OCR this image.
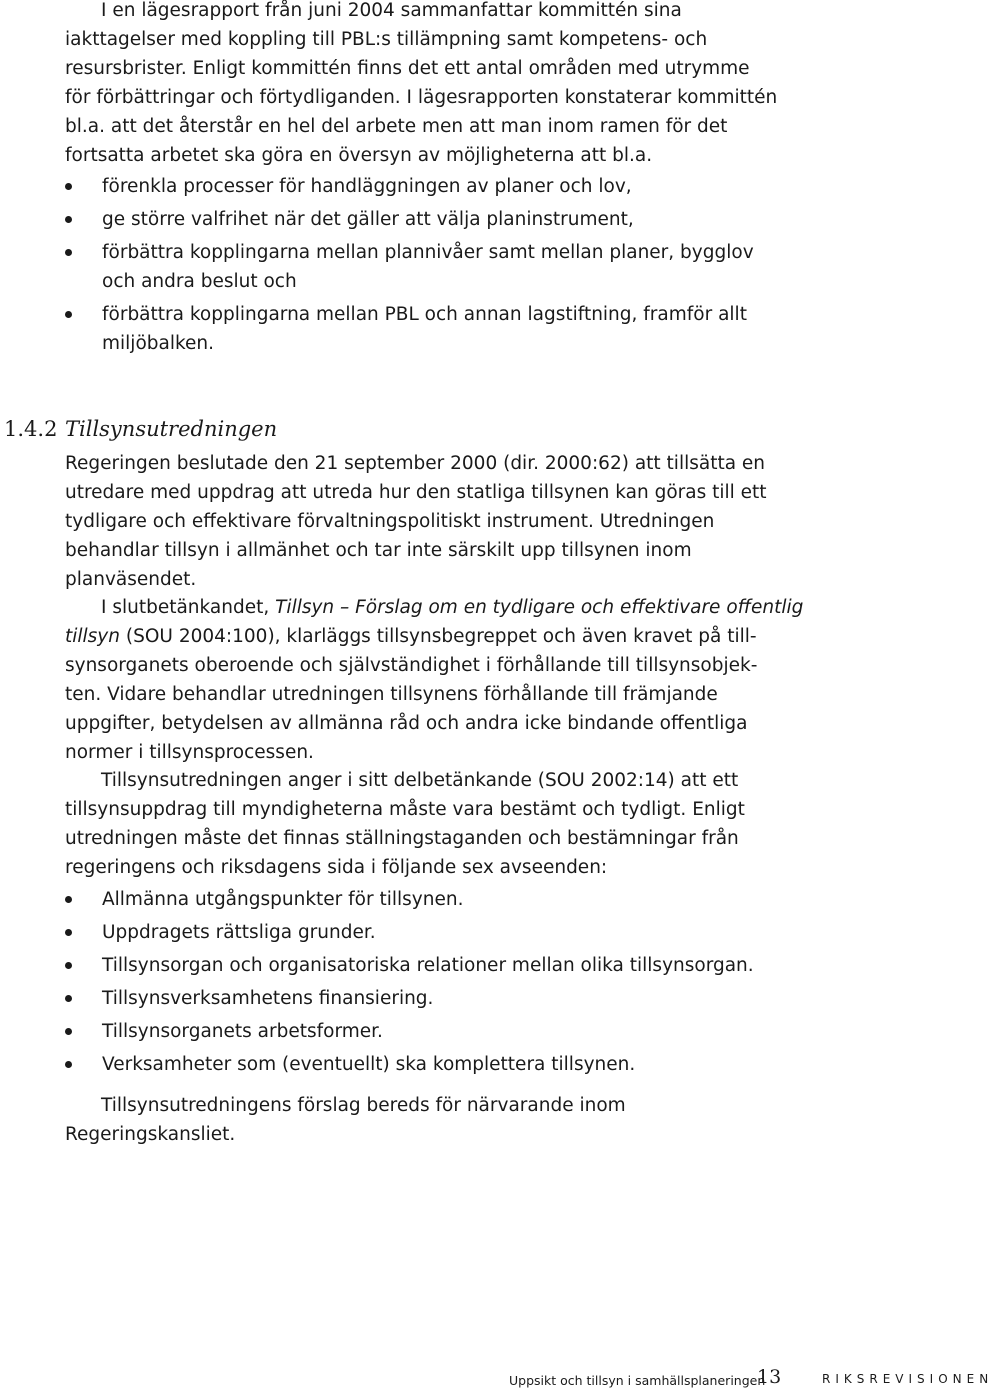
I en lägesrapport från juni 2004 sammanfattar kommittén sina
iakttagelser med koppling till PBL:s tillämpning samt kompetens- och
resursbrister. Enligt kommittén finns det ett antal områden med utrymme
för förbättringar och förtydliganden. I lägesrapporten konstaterar kommittén
bl.a. att det återstår en hel del arbete men att man inom ramen för det
fortsatta arbetet ska göra en översyn av möjligheterna att bl.a.
förenkla processer för handläggningen av planer och lov,
ge större valfrihet när det gäller att välja planinstrument,
förbättra kopplingarna mellan plannivåer samt mellan planer, bygglov
och andra beslut och
förbättra kopplingarna mellan PBL och annan lagstiftning, framför allt
miljöbalken.
1.4.2 Tillsynsutredningen
Regeringen beslutade den 21 september 2000 (dir. 2000:62) att tillsätta en
utredare med uppdrag att utreda hur den statliga tillsynen kan göras till ett
tydligare och effektivare förvaltningspolitiskt instrument. Utredningen
behandlar tillsyn i allmänhet och tar inte särskilt upp tillsynen inom
planväsendet.
I slutbetänkandet, Tillsyn – Förslag om en tydligare och effektivare offentlig
tillsyn (SOU 2004:100), klarläggs tillsynsbegreppet och även kravet på till-
synsorganets oberoende och självständighet i förhållande till tillsynsobjek-
ten. Vidare behandlar utredningen tillsynens förhållande till främjande
uppgifter, betydelsen av allmänna råd och andra icke bindande offentliga
normer i tillsynsprocessen.
Tillsynsutredningen anger i sitt delbetänkande (SOU 2002:14) att ett
tillsynsuppdrag till myndigheterna måste vara bestämt och tydligt. Enligt
utredningen måste det finnas ställningstaganden och bestämningar från
regeringens och riksdagens sida i följande sex avseenden:
Allmänna utgångspunkter för tillsynen.
Uppdragets rättsliga grunder.
Tillsynsorgan och organisatoriska relationer mellan olika tillsynsorgan.
Tillsynsverksamhetens finansiering.
Tillsynsorganets arbetsformer.
Verksamheter som (eventuellt) ska komplettera tillsynen.
Tillsynsutredningens förslag bereds för närvarande inom
Regeringskansliet.
Uppsikt och tillsyn i samhällsplaneringen
13	RIKSREVISIONEN
